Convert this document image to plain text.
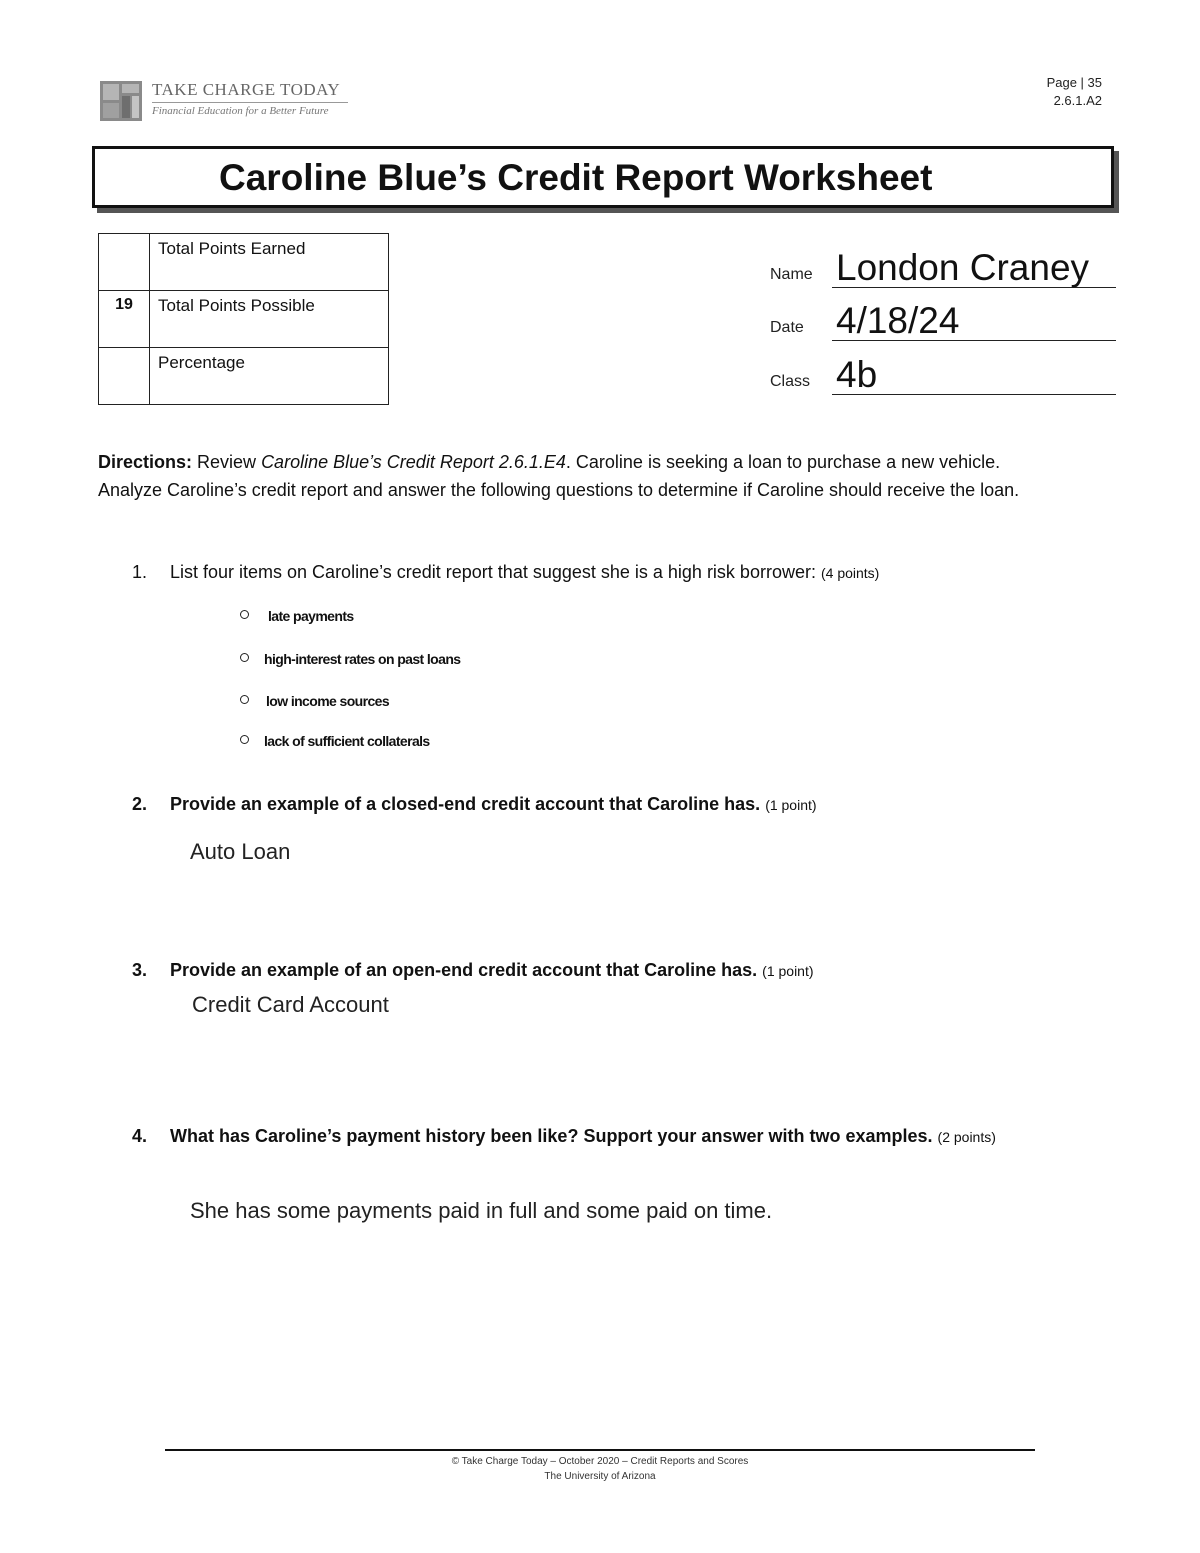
TAKE CHARGE TODAY
Financial Education for a Better Future
Page | 35
2.6.1.A2
Caroline Blue’s Credit Report Worksheet
	Total Points Earned
19	Total Points Possible
	Percentage
Name London Craney
Date 4/18/24
Class 4b
Directions: Review Caroline Blue’s Credit Report 2.6.1.E4. Caroline is seeking a loan to purchase a new vehicle. Analyze Caroline’s credit report and answer the following questions to determine if Caroline should receive the loan.
1. List four items on Caroline’s credit report that suggest she is a high risk borrower: (4 points)
late payments
high-interest rates on past loans
low income sources
lack of sufficient collaterals
2. Provide an example of a closed-end credit account that Caroline has. (1 point)
Auto Loan
3. Provide an example of an open-end credit account that Caroline has. (1 point)
Credit Card Account
4. What has Caroline’s payment history been like? Support your answer with two examples. (2 points)
She has some payments paid in full and some paid on time.
© Take Charge Today – October 2020 – Credit Reports and Scores
The University of Arizona
